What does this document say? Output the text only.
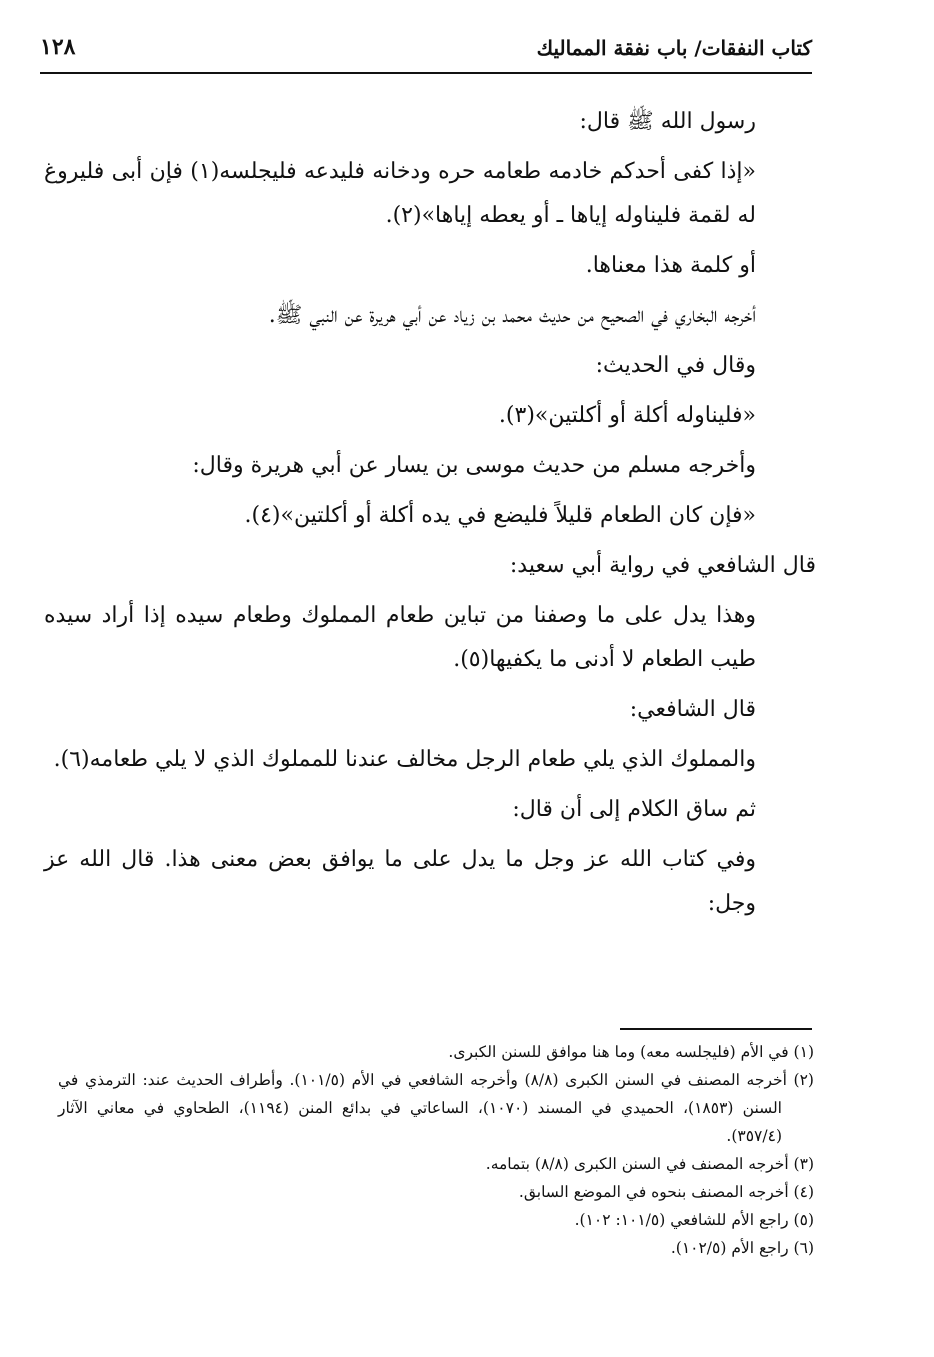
كتاب النفقات/ باب نفقة المماليك
١٢٨

رسول الله ﷺ قال:

«إذا كفى أحدكم خادمه طعامه حره ودخانه فليدعه فليجلسه(١) فإن أبى فليروغ له لقمة فليناوله إياها ـ أو يعطه إياها»(٢).

أو كلمة هذا معناها.

أخرجه البخاري في الصحيح من حديث محمد بن زياد عن أبي هريرة عن النبي ﷺ.

وقال في الحديث:

«فليناوله أكلة أو أكلتين»(٣).

وأخرجه مسلم من حديث موسى بن يسار عن أبي هريرة وقال:

«فإن كان الطعام قليلاً فليضع في يده أكلة أو أكلتين»(٤).

قال الشافعي في رواية أبي سعيد:

وهذا يدل على ما وصفنا من تباين طعام المملوك وطعام سيده إذا أراد سيده طيب الطعام لا أدنى ما يكفيها(٥).

قال الشافعي:

والمملوك الذي يلي طعام الرجل مخالف عندنا للمملوك الذي لا يلي طعامه(٦).

ثم ساق الكلام إلى أن قال:

وفي كتاب الله عز وجل ما يدل على ما يوافق بعض معنى هذا. قال الله عز وجل:

(١) في الأم (فليجلسه معه) وما هنا موافق للسنن الكبرى.

(٢) أخرجه المصنف في السنن الكبرى (٨/٨) وأخرجه الشافعي في الأم (١٠١/٥). وأطراف الحديث عند: الترمذي في السنن (١٨٥٣)، الحميدي في المسند (١٠٧٠)، الساعاتي في بدائع المنن (١١٩٤)، الطحاوي في معاني الآثار (٣٥٧/٤).

(٣) أخرجه المصنف في السنن الكبرى (٨/٨) بتمامه.

(٤) أخرجه المصنف بنحوه في الموضع السابق.

(٥) راجع الأم للشافعي (١٠١/٥: ١٠٢).

(٦) راجع الأم (١٠٢/٥).
